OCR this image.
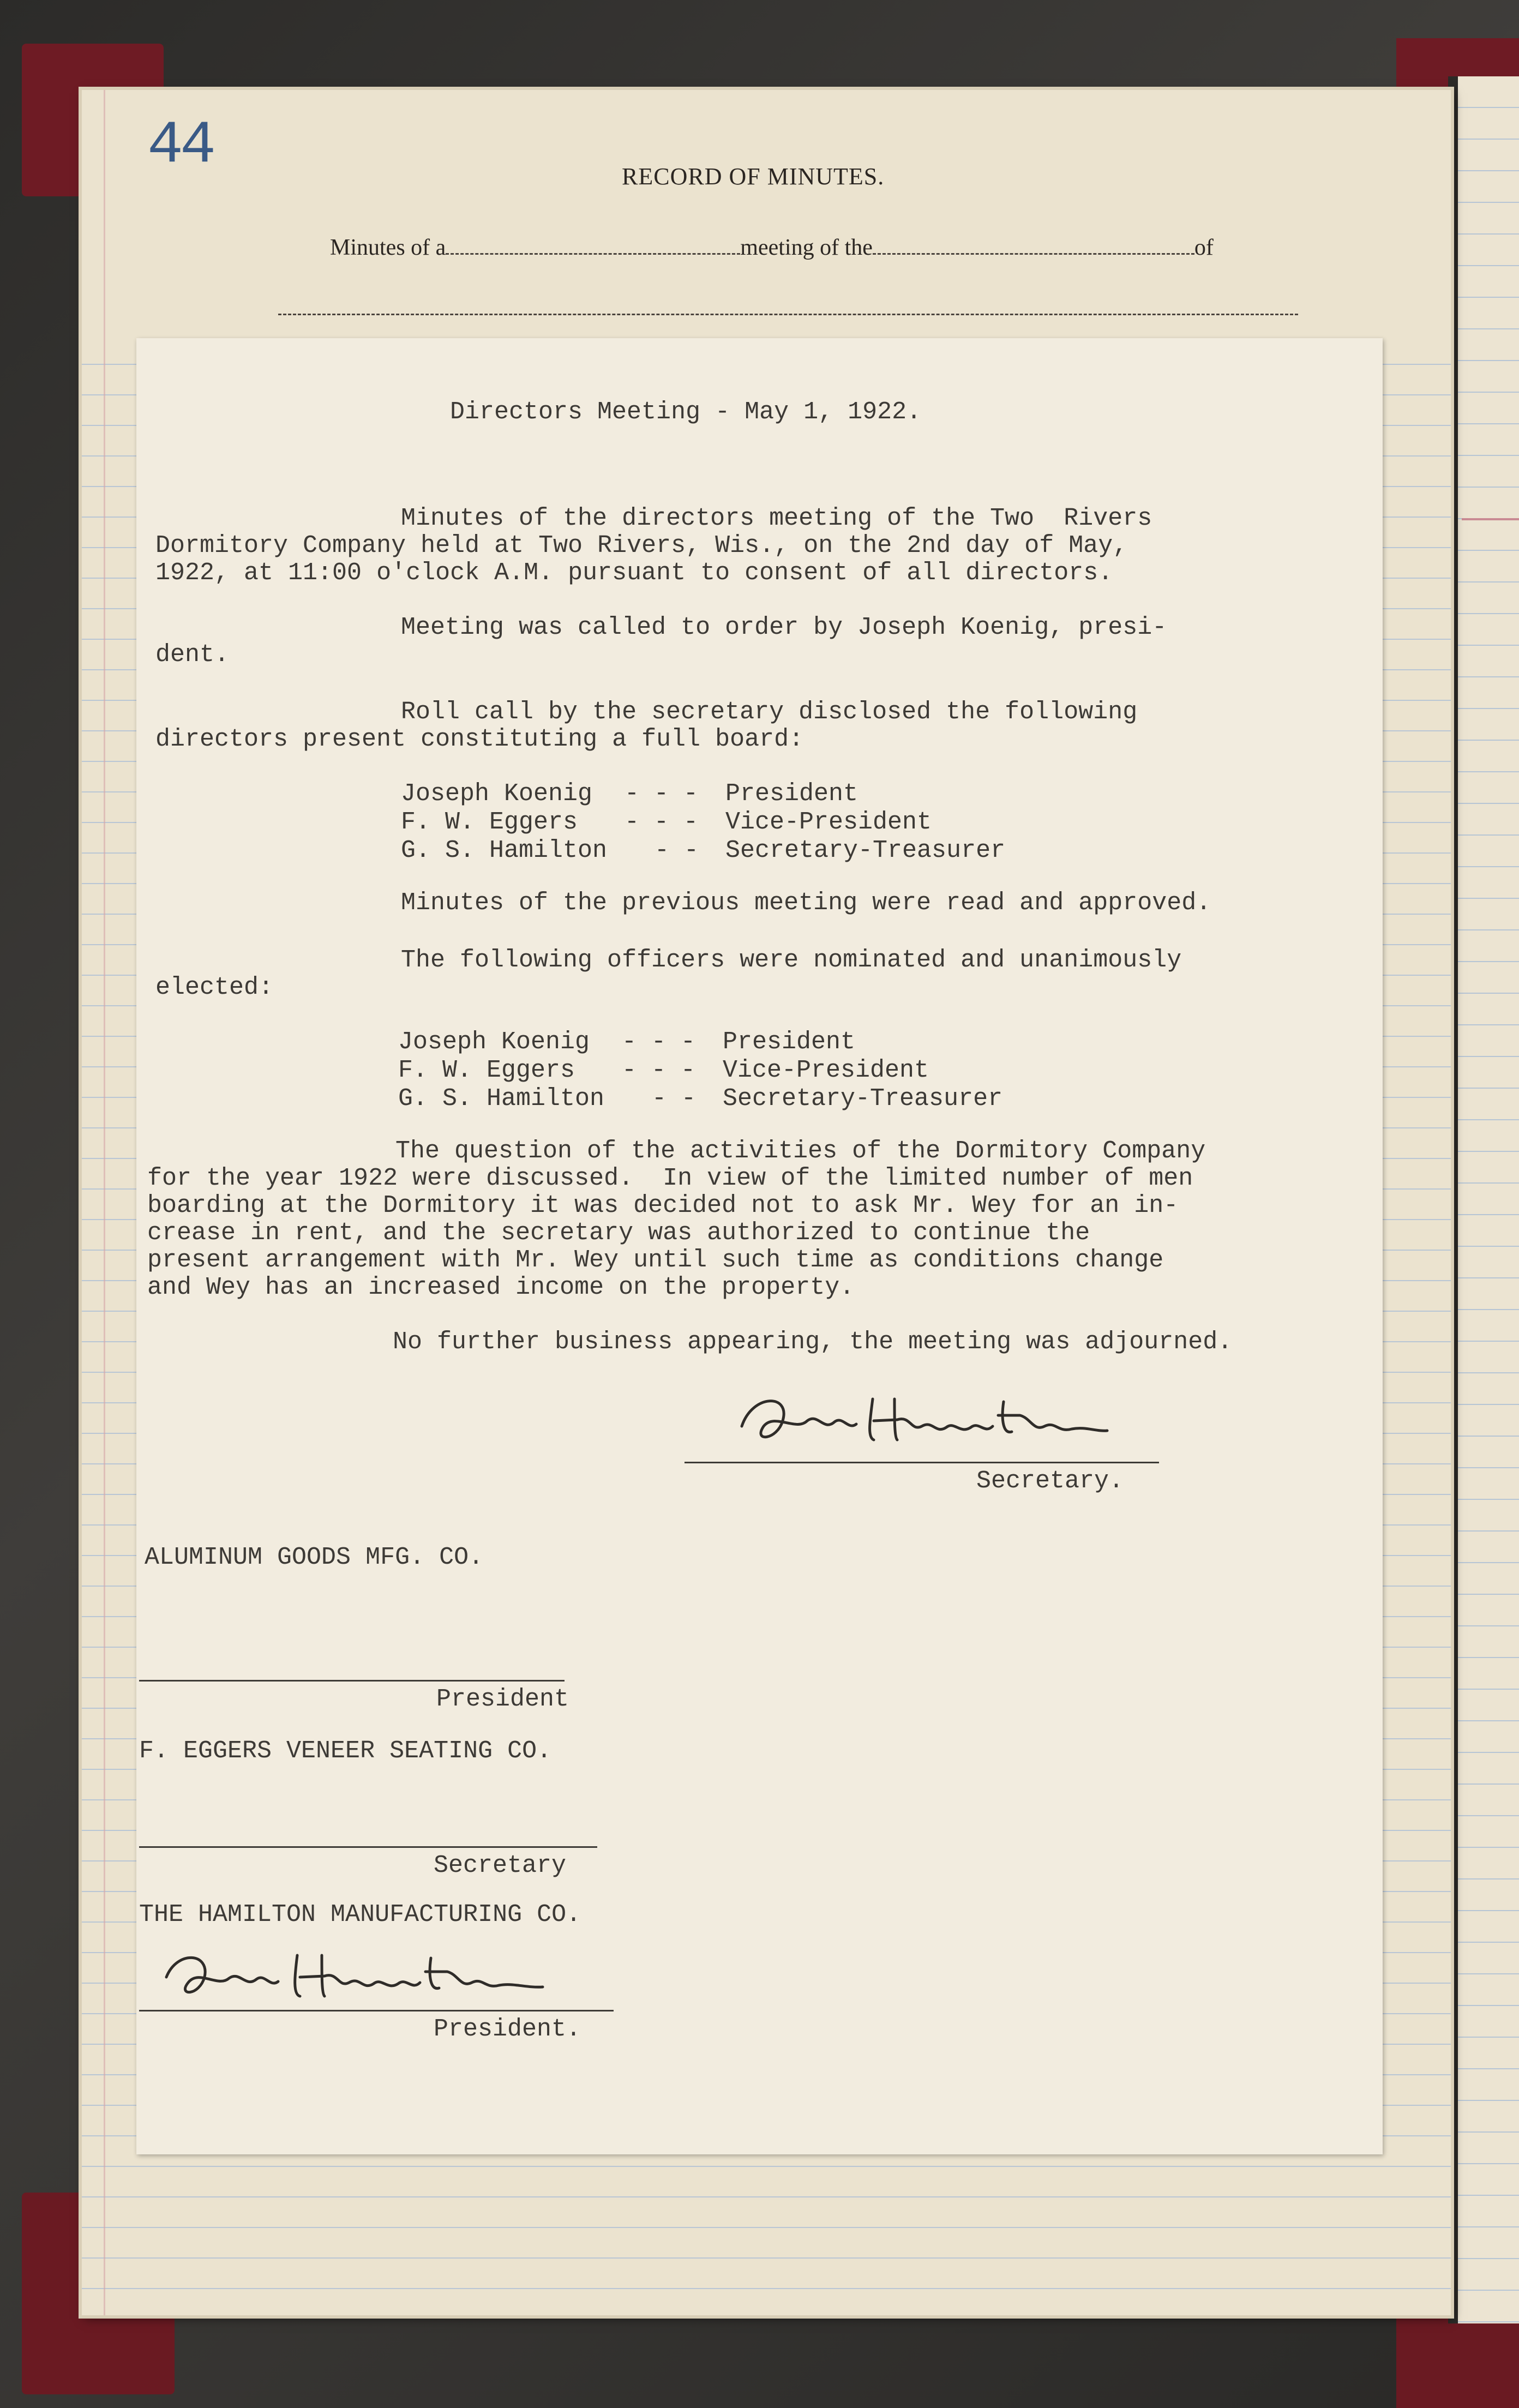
44	RECORD OF MINUTES.
Minutes of a	meeting of the	of
Directors Meeting - May 1, 1922.
Minutes of the directors meeting of the Two  Rivers
Dormitory Company held at Two Rivers, Wis., on the 2nd day of May,
1922, at 11:00 o'clock A.M. pursuant to consent of all directors.
Meeting was called to order by Joseph Koenig, presi-
dent.
Roll call by the secretary disclosed the following
directors present constituting a full board:
Joseph Koenig - - - President
F. W. Eggers - - - Vice-President
G. S. Hamilton - - Secretary-Treasurer
Minutes of the previous meeting were read and approved.
The following officers were nominated and unanimously
elected:
Joseph Koenig - - - President
F. W. Eggers - - - Vice-President
G. S. Hamilton - - Secretary-Treasurer
The question of the activities of the Dormitory Company
for the year 1922 were discussed.  In view of the limited number of men
boarding at the Dormitory it was decided not to ask Mr. Wey for an in-
crease in rent, and the secretary was authorized to continue the
present arrangement with Mr. Wey until such time as conditions change
and Wey has an increased income on the property.
No further business appearing, the meeting was adjourned.
Secretary.
ALUMINUM GOODS MFG. CO.
President
F. EGGERS VENEER SEATING CO.
Secretary
THE HAMILTON MANUFACTURING CO.
President.
